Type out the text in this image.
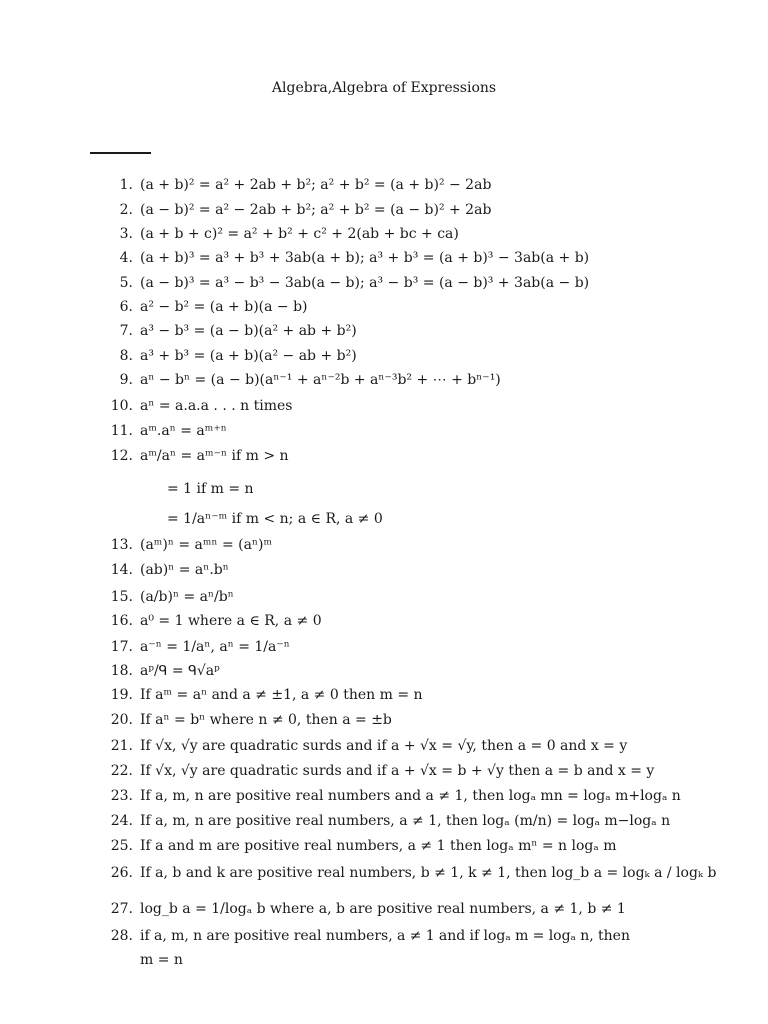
Algebra,Algebra of Expressions
1. (a + b)² = a² + 2ab + b²; a² + b² = (a + b)² − 2ab
2. (a − b)² = a² − 2ab + b²; a² + b² = (a − b)² + 2ab
3. (a + b + c)² = a² + b² + c² + 2(ab + bc + ca)
4. (a + b)³ = a³ + b³ + 3ab(a + b); a³ + b³ = (a + b)³ − 3ab(a + b)
5. (a − b)³ = a³ − b³ − 3ab(a − b); a³ − b³ = (a − b)³ + 3ab(a − b)
6. a² − b² = (a + b)(a − b)
7. a³ − b³ = (a − b)(a² + ab + b²)
8. a³ + b³ = (a + b)(a² − ab + b²)
9. aⁿ − bⁿ = (a − b)(aⁿ⁻¹ + aⁿ⁻²b + aⁿ⁻³b² + ⋯ + bⁿ⁻¹)
10. aⁿ = a.a.a . . . n times
11. aᵐ.aⁿ = aᵐ⁺ⁿ
12. aᵐ/aⁿ = aᵐ⁻ⁿ if m > n
= 1 if m = n
= 1/aⁿ⁻ᵐ if m < n; a ∈ R, a ≠ 0
13. (aᵐ)ⁿ = aᵐⁿ = (aⁿ)ᵐ
14. (ab)ⁿ = aⁿ.bⁿ
15. (a/b)ⁿ = aⁿ/bⁿ
16. a⁰ = 1 where a ∈ R, a ≠ 0
17. a⁻ⁿ = 1/aⁿ, aⁿ = 1/a⁻ⁿ
18. aᵖ/ᑫ = ᑫ√aᵖ
19. If aᵐ = aⁿ and a ≠ ±1, a ≠ 0 then m = n
20. If aⁿ = bⁿ where n ≠ 0, then a = ±b
21. If √x, √y are quadratic surds and if a + √x = √y, then a = 0 and x = y
22. If √x, √y are quadratic surds and if a + √x = b + √y then a = b and x = y
23. If a, m, n are positive real numbers and a ≠ 1, then logₐ mn = logₐ m+logₐ n
24. If a, m, n are positive real numbers, a ≠ 1, then logₐ (m/n) = logₐ m−logₐ n
25. If a and m are positive real numbers, a ≠ 1 then logₐ mⁿ = n logₐ m
26. If a, b and k are positive real numbers, b ≠ 1, k ≠ 1, then log_b a = logₖ a / logₖ b
27. log_b a = 1/logₐ b where a, b are positive real numbers, a ≠ 1, b ≠ 1
28. if a, m, n are positive real numbers, a ≠ 1 and if logₐ m = logₐ n, then
m = n
